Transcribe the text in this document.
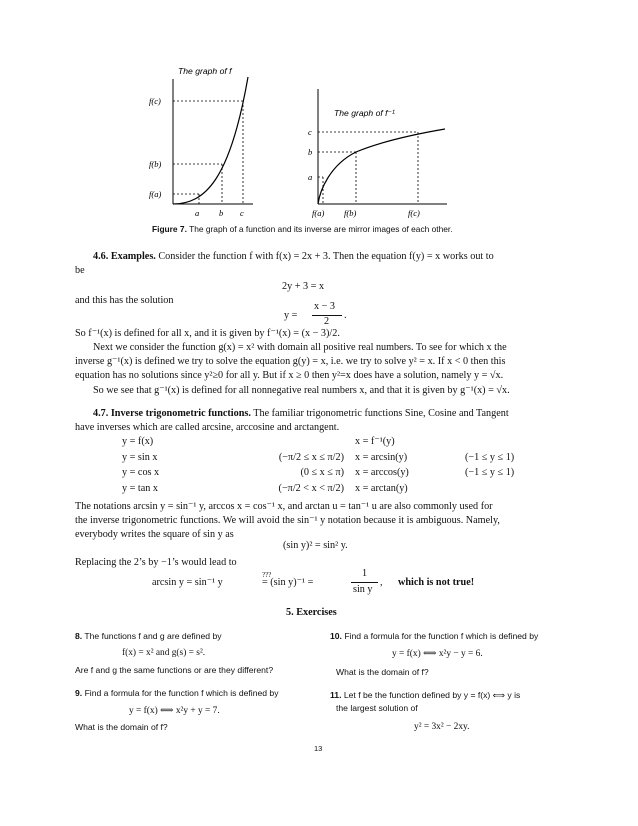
The graph of f
f(c)
f(b)
f(a)
a b c
The graph of f⁻¹
c
b
a
f(a) f(b)	f(c)
Figure 7. The graph of a function and its inverse are mirror images of each other.
4.6. Examples. Consider the function f with f(x) = 2x + 3. Then the equation f(y) = x works out to
be
2y + 3 = x
and this has the solution
y =
x − 3
2
.
So f⁻¹(x) is defined for all x, and it is given by f⁻¹(x) = (x − 3)/2.
Next we consider the function g(x) = x² with domain all positive real numbers. To see for which x the
inverse g⁻¹(x) is defined we try to solve the equation g(y) = x, i.e. we try to solve y² = x. If x < 0 then this
equation has no solutions since y²≥0 for all y. But if x ≥ 0 then y²=x does have a solution, namely y = √x.
So we see that g⁻¹(x) is defined for all nonnegative real numbers x, and that it is given by g⁻¹(x) = √x.
4.7. Inverse trigonometric functions. The familiar trigonometric functions Sine, Cosine and Tangent
have inverses which are called arcsine, arccosine and arctangent.
y = f(x)		x = f⁻¹(y)	
y = sin x	(−π/2 ≤ x ≤ π/2)	x = arcsin(y)	(−1 ≤ y ≤ 1)
y = cos x	(0 ≤ x ≤ π)	x = arccos(y)	(−1 ≤ y ≤ 1)
y = tan x	(−π/2 < x < π/2)	x = arctan(y)	
The notations arcsin y = sin⁻¹ y, arccos x = cos⁻¹ x, and arctan u = tan⁻¹ u are also commonly used for
the inverse trigonometric functions. We will avoid the sin⁻¹ y notation because it is ambiguous. Namely,
everybody writes the square of sin y as
(sin y)² = sin² y.
Replacing the 2’s by −1’s would lead to
arcsin y = sin⁻¹ y
???
= (sin y)⁻¹ =
1
sin y
, which is not true!
5. Exercises
8. The functions f and g are defined by
f(x) = x² and g(s) = s².
Are f and g the same functions or are they different?
9. Find a formula for the function f which is defined by
y = f(x) ⟺ x²y + y = 7.
What is the domain of f?
10. Find a formula for the function f which is defined by
y = f(x) ⟺ x²y − y = 6.
What is the domain of f?
11. Let f be the function defined by y = f(x) ⟺ y is
the largest solution of
y² = 3x² − 2xy.
13
